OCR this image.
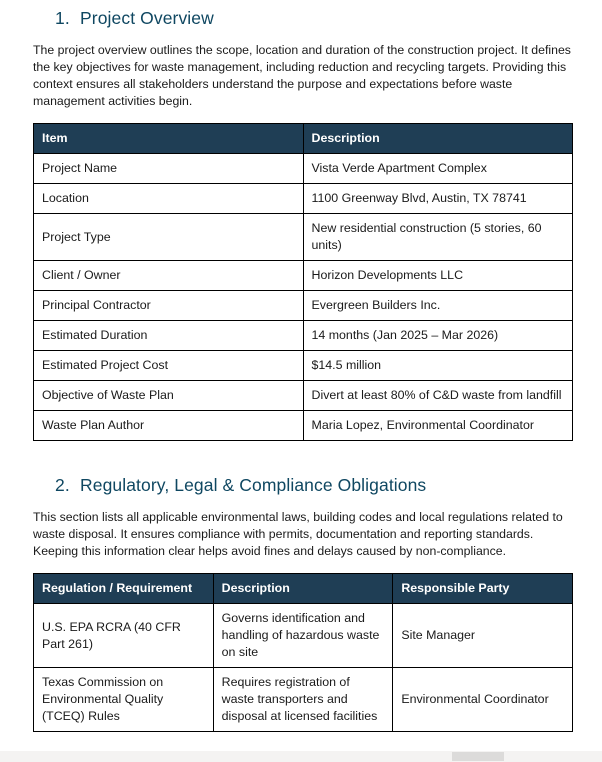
1. Project Overview

The project overview outlines the scope, location and duration of the construction project. It defines the key objectives for waste management, including reduction and recycling targets. Providing this context ensures all stakeholders understand the purpose and expectations before waste management activities begin.

Item	Description
Project Name	Vista Verde Apartment Complex
Location	1100 Greenway Blvd, Austin, TX 78741
Project Type	New residential construction (5 stories, 60 units)
Client / Owner	Horizon Developments LLC
Principal Contractor	Evergreen Builders Inc.
Estimated Duration	14 months (Jan 2025 – Mar 2026)
Estimated Project Cost	$14.5 million
Objective of Waste Plan	Divert at least 80% of C&D waste from landfill
Waste Plan Author	Maria Lopez, Environmental Coordinator
2. Regulatory, Legal & Compliance Obligations

This section lists all applicable environmental laws, building codes and local regulations related to waste disposal. It ensures compliance with permits, documentation and reporting standards. Keeping this information clear helps avoid fines and delays caused by non-compliance.

Regulation / Requirement	Description	Responsible Party
U.S. EPA RCRA (40 CFR Part 261)	Governs identification and handling of hazardous waste on site	Site Manager
Texas Commission on Environmental Quality (TCEQ) Rules	Requires registration of waste transporters and disposal at licensed facilities	Environmental Coordinator
